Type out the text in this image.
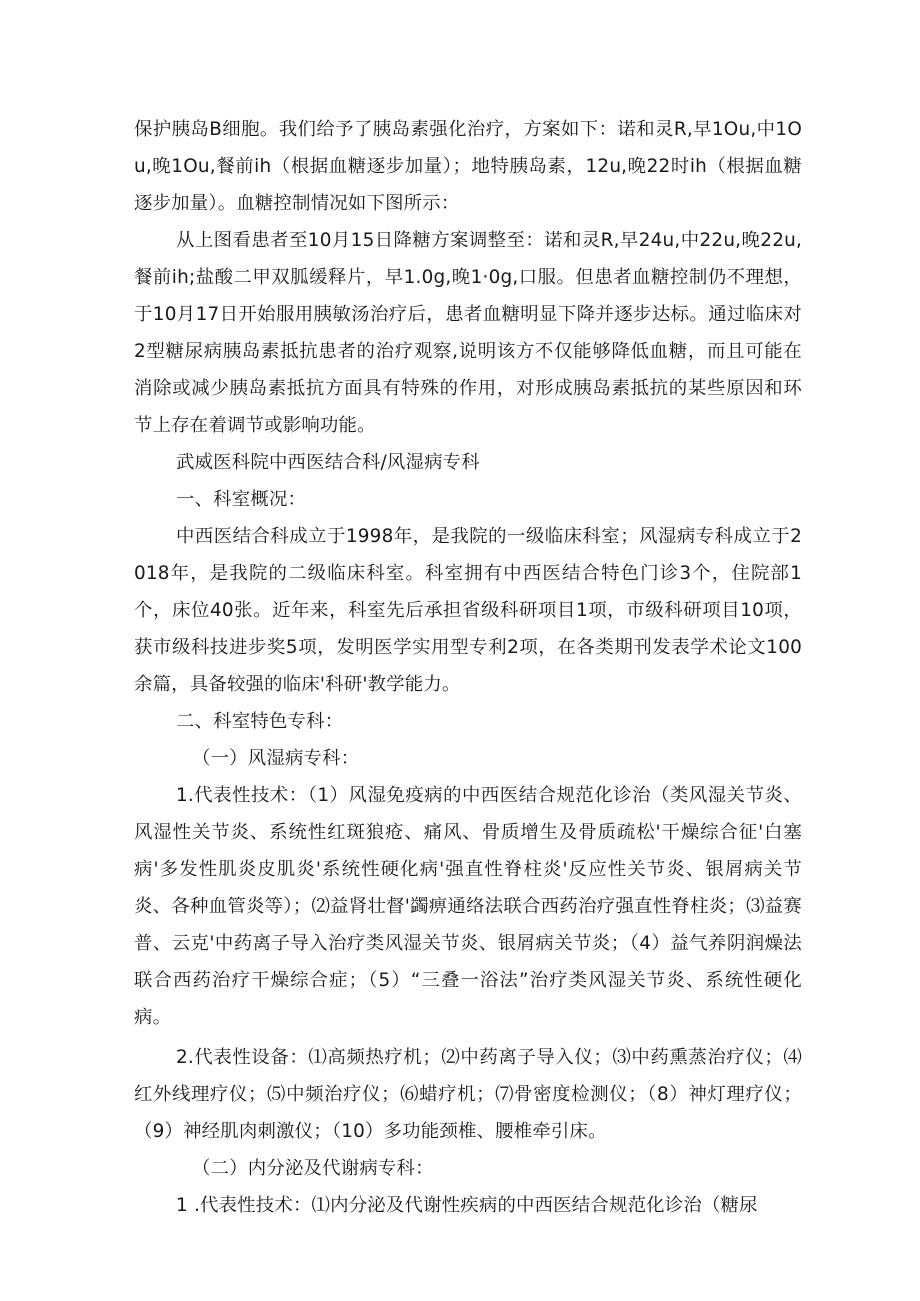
保护胰岛B细胞。我们给予了胰岛素强化治疗，方案如下：诺和灵R,早1Ou,中1Ou,晚1Ou,餐前ih（根据血糖逐步加量）；地特胰岛素，12u,晚22时ih（根据血糖逐步加量）。血糖控制情况如下图所示：

从上图看患者至10月15日降糖方案调整至：诺和灵R,早24u,中22u,晚22u,餐前ih;盐酸二甲双胍缓释片，早1.0g,晚1·0g,口服。但患者血糖控制仍不理想，于10月17日开始服用胰敏汤治疗后，患者血糖明显下降并逐步达标。通过临床对2型糖尿病胰岛素抵抗患者的治疗观察,说明该方不仅能够降低血糖，而且可能在消除或减少胰岛素抵抗方面具有特殊的作用，对形成胰岛素抵抗的某些原因和环节上存在着调节或影响功能。

武威医科院中西医结合科/风湿病专科

一、科室概况：

中西医结合科成立于1998年，是我院的一级临床科室；风湿病专科成立于2018年，是我院的二级临床科室。科室拥有中西医结合特色门诊3个，住院部1个，床位40张。近年来，科室先后承担省级科研项目1项，市级科研项目10项，获市级科技进步奖5项，发明医学实用型专利2项，在各类期刊发表学术论文100余篇，具备较强的临床'科研'教学能力。

二、科室特色专科：

（一）风湿病专科：

1.代表性技术：（1）风湿免疫病的中西医结合规范化诊治（类风湿关节炎、风湿性关节炎、系统性红斑狼疮、痛风、骨质增生及骨质疏松'干燥综合征'白塞病'多发性肌炎皮肌炎'系统性硬化病'强直性脊柱炎'反应性关节炎、银屑病关节炎、各种血管炎等）；⑵益肾壮督'蠲痹通络法联合西药治疗强直性脊柱炎；⑶益赛普、云克'中药离子导入治疗类风湿关节炎、银屑病关节炎；（4）益气养阴润燥法联合西药治疗干燥综合症；（5）“三叠一浴法”治疗类风湿关节炎、系统性硬化病。

2.代表性设备：⑴高频热疗机；⑵中药离子导入仪；⑶中药熏蒸治疗仪；⑷红外线理疗仪；⑸中频治疗仪；⑹蜡疗机；⑺骨密度检测仪；（8）神灯理疗仪；（9）神经肌肉刺激仪；（10）多功能颈椎、腰椎牵引床。

（二）内分泌及代谢病专科：

1 .代表性技术：⑴内分泌及代谢性疾病的中西医结合规范化诊治（糖尿
